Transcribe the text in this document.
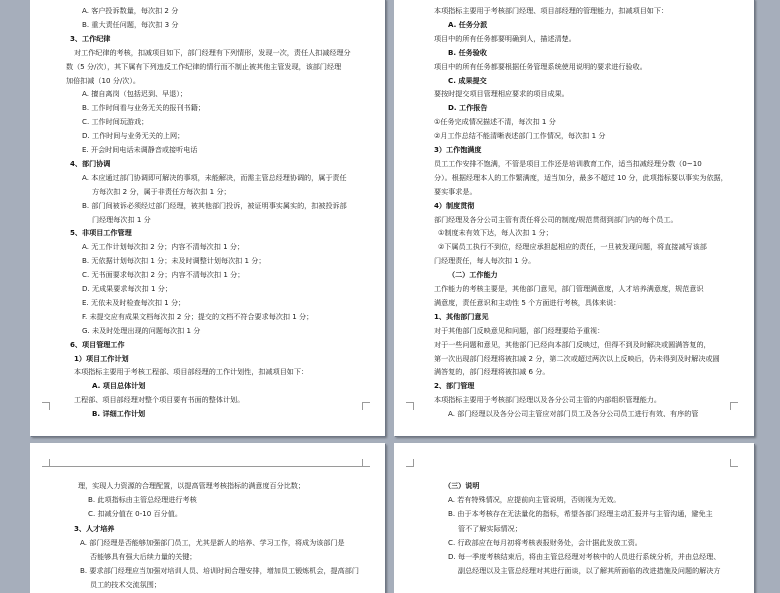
A. 客户投诉数量，每次扣 2 分
B. 重大责任问题，每次扣 3 分
3、工作纪律
对工作纪律的考核，扣减项目如下，部门经理有下列情形，发现一次，责任人扣减经理分
数（5 分/次），其下属有下列违反工作纪律的情行而不制止被其他主管发现，该部门经理
加倍扣减（10 分/次）。
A. 擅自离岗（包括迟到、早退）；
B. 工作时间看与业务无关的报刊书籍；
C. 工作时间玩游戏；
D. 工作时间与业务无关的上网；
E. 开会时间电话未调静音或接听电话
4、部门协调
A. 本应通过部门协调即可解决的事项，未能解决，而需主管总经理协调的，属于责任
方每次扣 2 分，属于非责任方每次扣 1 分；
B. 部门间被诉必须经过部门经理，被其他部门投诉，被证明事实属实的，扣被投诉部
门经理每次扣 1 分
5、非项目工作管理
A. 无工作计划每次扣 2 分；内容不清每次扣 1 分；
B. 无依据计划每次扣 1 分；未及时调整计划每次扣 1 分；
C. 无书面要求每次扣 2 分；内容不清每次扣 1 分；
D. 无成果要求每次扣 1 分；
E. 无依未及时检查每次扣 1 分；
F. 未提交应有成果文档每次扣 2 分；提交的文档不符合要求每次扣 1 分；
G. 未及时处理出现的问题每次扣 1 分
6、项目管理工作
1）项目工作计划
本项指标主要用于考核工程部、项目部经理的工作计划性，扣减项目如下：
A. 项目总体计划
工程部、项目部经理对整个项目要有书面的整体计划。
B. 详细工作计划
本项指标主要用于考核部门经理、项目部经理的管理能力，扣减项目如下：
A. 任务分派
项目中的所有任务都要明确到人，描述清楚。
B. 任务验收
项目中的所有任务都要根据任务管理系统使用说明的要求进行验收。
C. 成果提交
要按时提交项目管理相应要求的项目成果。
D. 工作报告
①任务完成情况描述不清，每次扣 1 分
②月工作总结不能清晰表述部门工作情况，每次扣 1 分
3）工作饱满度
员工工作安排不饱满，不管是项目工作还是培训教育工作，适当扣减经理分数（0~10
分）。根据经理本人的工作繁满度，适当加分，最多不超过 10 分，此项指标要以事实为依据，
要实事求是。
4）制度贯彻
部门经理及各分公司主管有责任将公司的制度/规范贯彻到部门内的每个员工。
①制度未有效下达，每人次扣 1 分；
②下属员工执行不到位，经理应承担起相应的责任，一旦被发现问题，将直接减写该部
门经理责任，每人每次扣 1 分。
（二）工作能力
工作能力的考核主要是，其他部门意见，部门管理满意度，人才培养满意度，规范意识
满意度，责任意识和主动性 5 个方面进行考核，具体来说：
1、其他部门意见
对于其他部门反映意见和问题，部门经理要给予重视：
对于一些问题和意见，其他部门已经向本部门反映过，但得不到及时解决或圆满答复的，
第一次出现部门经理将被扣减 2 分，第二次或超过两次以上反映后，仍未得到及时解决或圆
满答复的，部门经理将被扣减 6 分。
2、部门管理
本项指标主要用于考核部门经理以及各分公司主管的内部组织管理能力。
A. 部门经理以及各分公司主管应对部门员工及各分公司员工进行有效、有序的管
理，实现人力资源的合理配置，以提高管理考核指标的满意度百分比数；
B. 此项指标由主管总经理进行考核
C. 扣减分值在 0-10 百分值。
3、人才培养
A. 部门经理是否能够加强部门员工，尤其是新人的培养、学习工作，将成为该部门是
否能够具有强大后续力量的关键；
B. 要求部门经理应当加强对培训人员、培训时间合理安排，增加员工锻炼机会，提高部门
员工的技术交流氛围；
（三）说明
A. 若有特殊情况，应提前向主管说明，否则视为无效。
B. 由于本考核存在无法量化的指标，希望各部门经理主动汇报并与主管沟通，避免主
管不了解实际情况；
C. 行政部应在每月初将考核表报财务处，会计据此发放工资。
D. 每一季度考核结束后，将由主管总经理对考核中的人员进行系统分析，并由总经理、
副总经理以及主管总经理对其进行面谈，以了解其所面临的改进措施及问题的解决方
